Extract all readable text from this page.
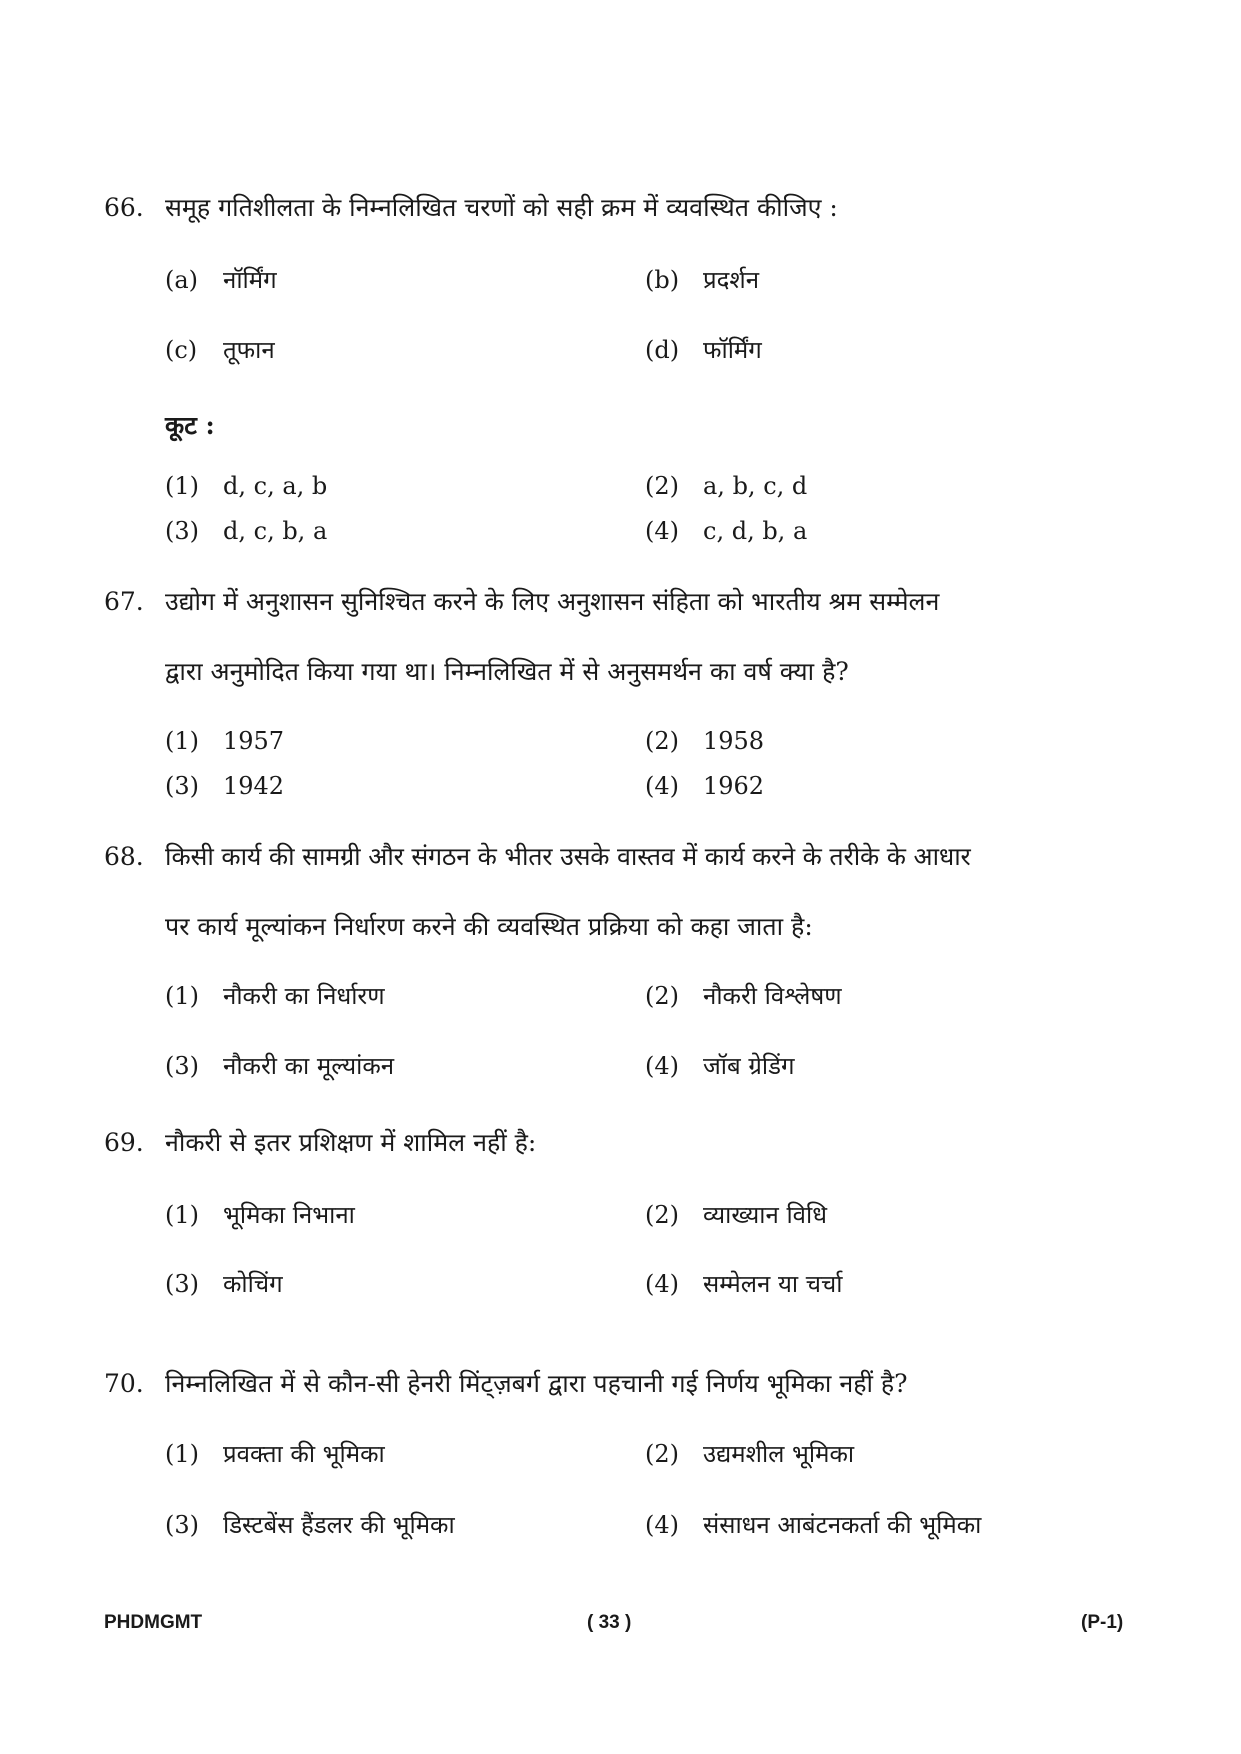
66. समूह गतिशीलता के निम्नलिखित चरणों को सही क्रम में व्यवस्थित कीजिए :
(a) नॉर्मिंग	(b) प्रदर्शन
(c) तूफान	(d) फॉर्मिंग
कूट :
(1) d, c, a, b	(2) a, b, c, d
(3) d, c, b, a	(4) c, d, b, a
67. उद्योग में अनुशासन सुनिश्चित करने के लिए अनुशासन संहिता को भारतीय श्रम सम्मेलन
द्वारा अनुमोदित किया गया था। निम्नलिखित में से अनुसमर्थन का वर्ष क्या है?
(1) 1957	(2) 1958
(3) 1942	(4) 1962
68. किसी कार्य की सामग्री और संगठन के भीतर उसके वास्तव में कार्य करने के तरीके के आधार
पर कार्य मूल्यांकन निर्धारण करने की व्यवस्थित प्रक्रिया को कहा जाता है:
(1) नौकरी का निर्धारण	(2) नौकरी विश्लेषण
(3) नौकरी का मूल्यांकन	(4) जॉब ग्रेडिंग
69. नौकरी से इतर प्रशिक्षण में शामिल नहीं है:
(1) भूमिका निभाना	(2) व्याख्यान विधि
(3) कोचिंग	(4) सम्मेलन या चर्चा
70. निम्नलिखित में से कौन-सी हेनरी मिंट्ज़बर्ग द्वारा पहचानी गई निर्णय भूमिका नहीं है?
(1) प्रवक्ता की भूमिका	(2) उद्यमशील भूमिका
(3) डिस्टबेंस हैंडलर की भूमिका	(4) संसाधन आबंटनकर्ता की भूमिका
PHDMGMT	( 33 )	(P-1)
